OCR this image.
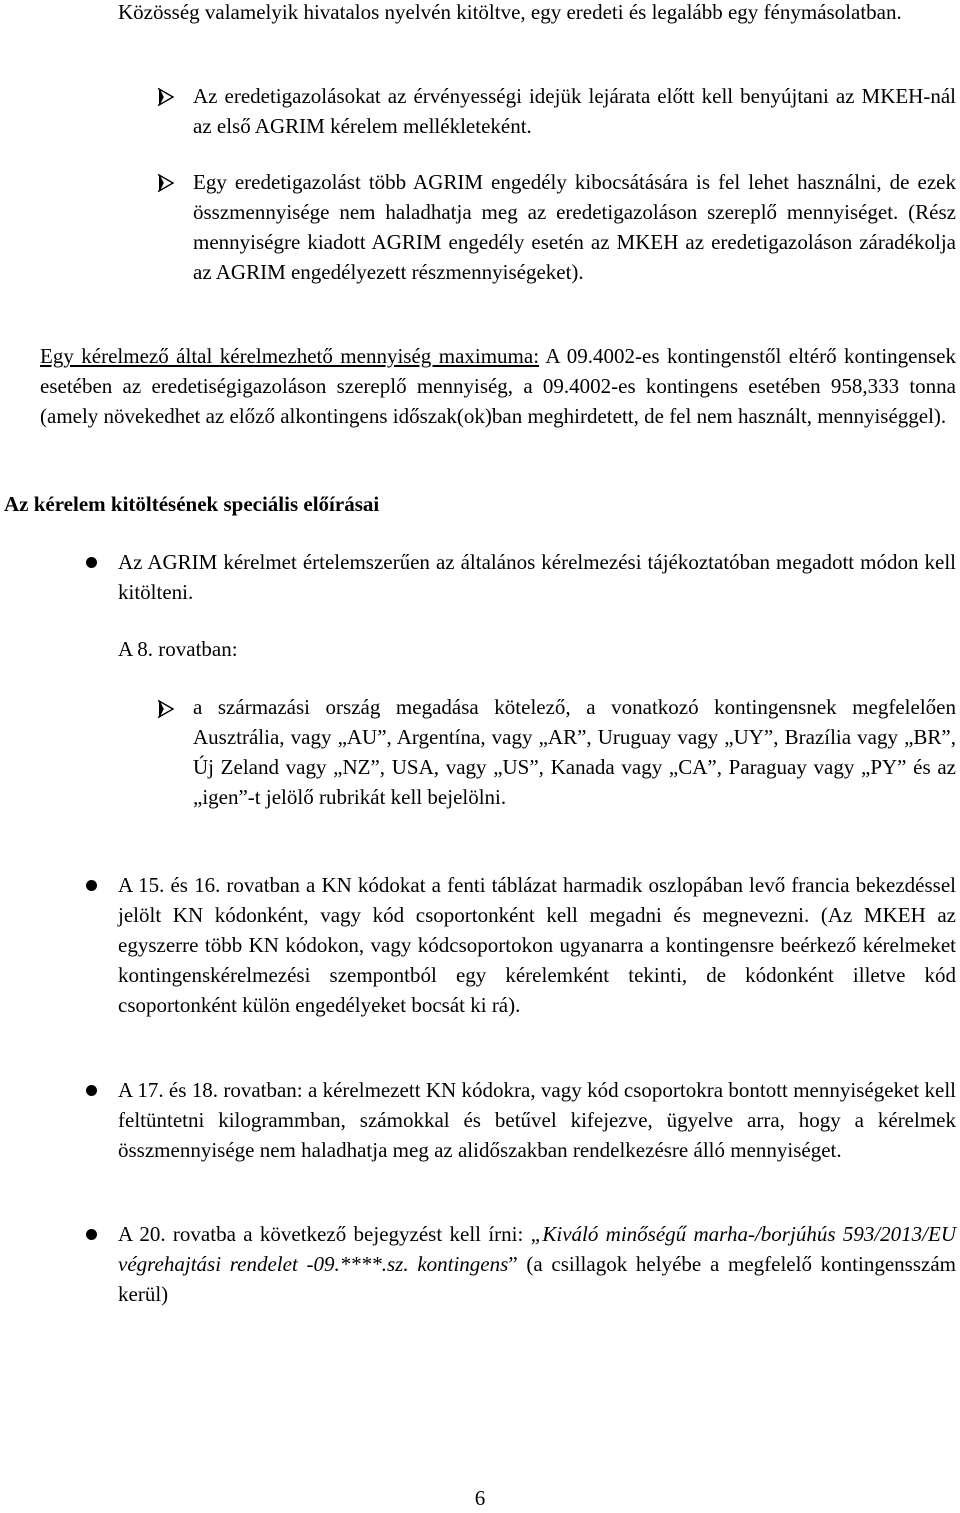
Közösség valamelyik hivatalos nyelvén kitöltve, egy eredeti és legalább egy fénymásolatban.

Az eredetigazolásokat az érvényességi idejük lejárata előtt kell benyújtani az MKEH-nál az első AGRIM kérelem mellékleteként.

Egy eredetigazolást több AGRIM engedély kibocsátására is fel lehet használni, de ezek összmennyisége nem haladhatja meg az eredetigazoláson szereplő mennyiséget. (Rész mennyiségre kiadott AGRIM engedély esetén az MKEH az eredetigazoláson záradékolja az AGRIM engedélyezett részmennyiségeket).

Egy kérelmező által kérelmezhető mennyiség maximuma: A 09.4002-es kontingenstől eltérő kontingensek esetében az eredetiségigazoláson szereplő mennyiség, a 09.4002-es kontingens esetében 958,333 tonna (amely növekedhet az előző alkontingens időszak(ok)ban meghirdetett, de fel nem használt, mennyiséggel).

Az kérelem kitöltésének speciális előírásai

Az AGRIM kérelmet értelemszerűen az általános kérelmezési tájékoztatóban megadott módon kell kitölteni.

A 8. rovatban:

a származási ország megadása kötelező, a vonatkozó kontingensnek megfelelően Ausztrália, vagy „AU”, Argentína, vagy „AR”, Uruguay vagy „UY”, Brazília vagy „BR”, Új Zeland vagy „NZ”, USA, vagy „US”, Kanada vagy „CA”, Paraguay vagy „PY” és az „igen”-t jelölő rubrikát kell bejelölni.

A 15. és 16. rovatban a KN kódokat a fenti táblázat harmadik oszlopában levő francia bekezdéssel jelölt KN kódonként, vagy kód csoportonként kell megadni és megnevezni. (Az MKEH az egyszerre több KN kódokon, vagy kódcsoportokon ugyanarra a kontingensre beérkező kérelmeket kontingenskérelmezési szempontból egy kérelemként tekinti, de kódonként illetve kód csoportonként külön engedélyeket bocsát ki rá).

A 17. és 18. rovatban: a kérelmezett KN kódokra, vagy kód csoportokra bontott mennyiségeket kell feltüntetni kilogrammban, számokkal és betűvel kifejezve, ügyelve arra, hogy a kérelmek összmennyisége nem haladhatja meg az alidőszakban rendelkezésre álló mennyiséget.

A 20. rovatba a következő bejegyzést kell írni: „Kiváló minőségű marha-/borjúhús 593/2013/EU végrehajtási rendelet -09.****.sz. kontingens” (a csillagok helyébe a megfelelő kontingensszám kerül)

6
